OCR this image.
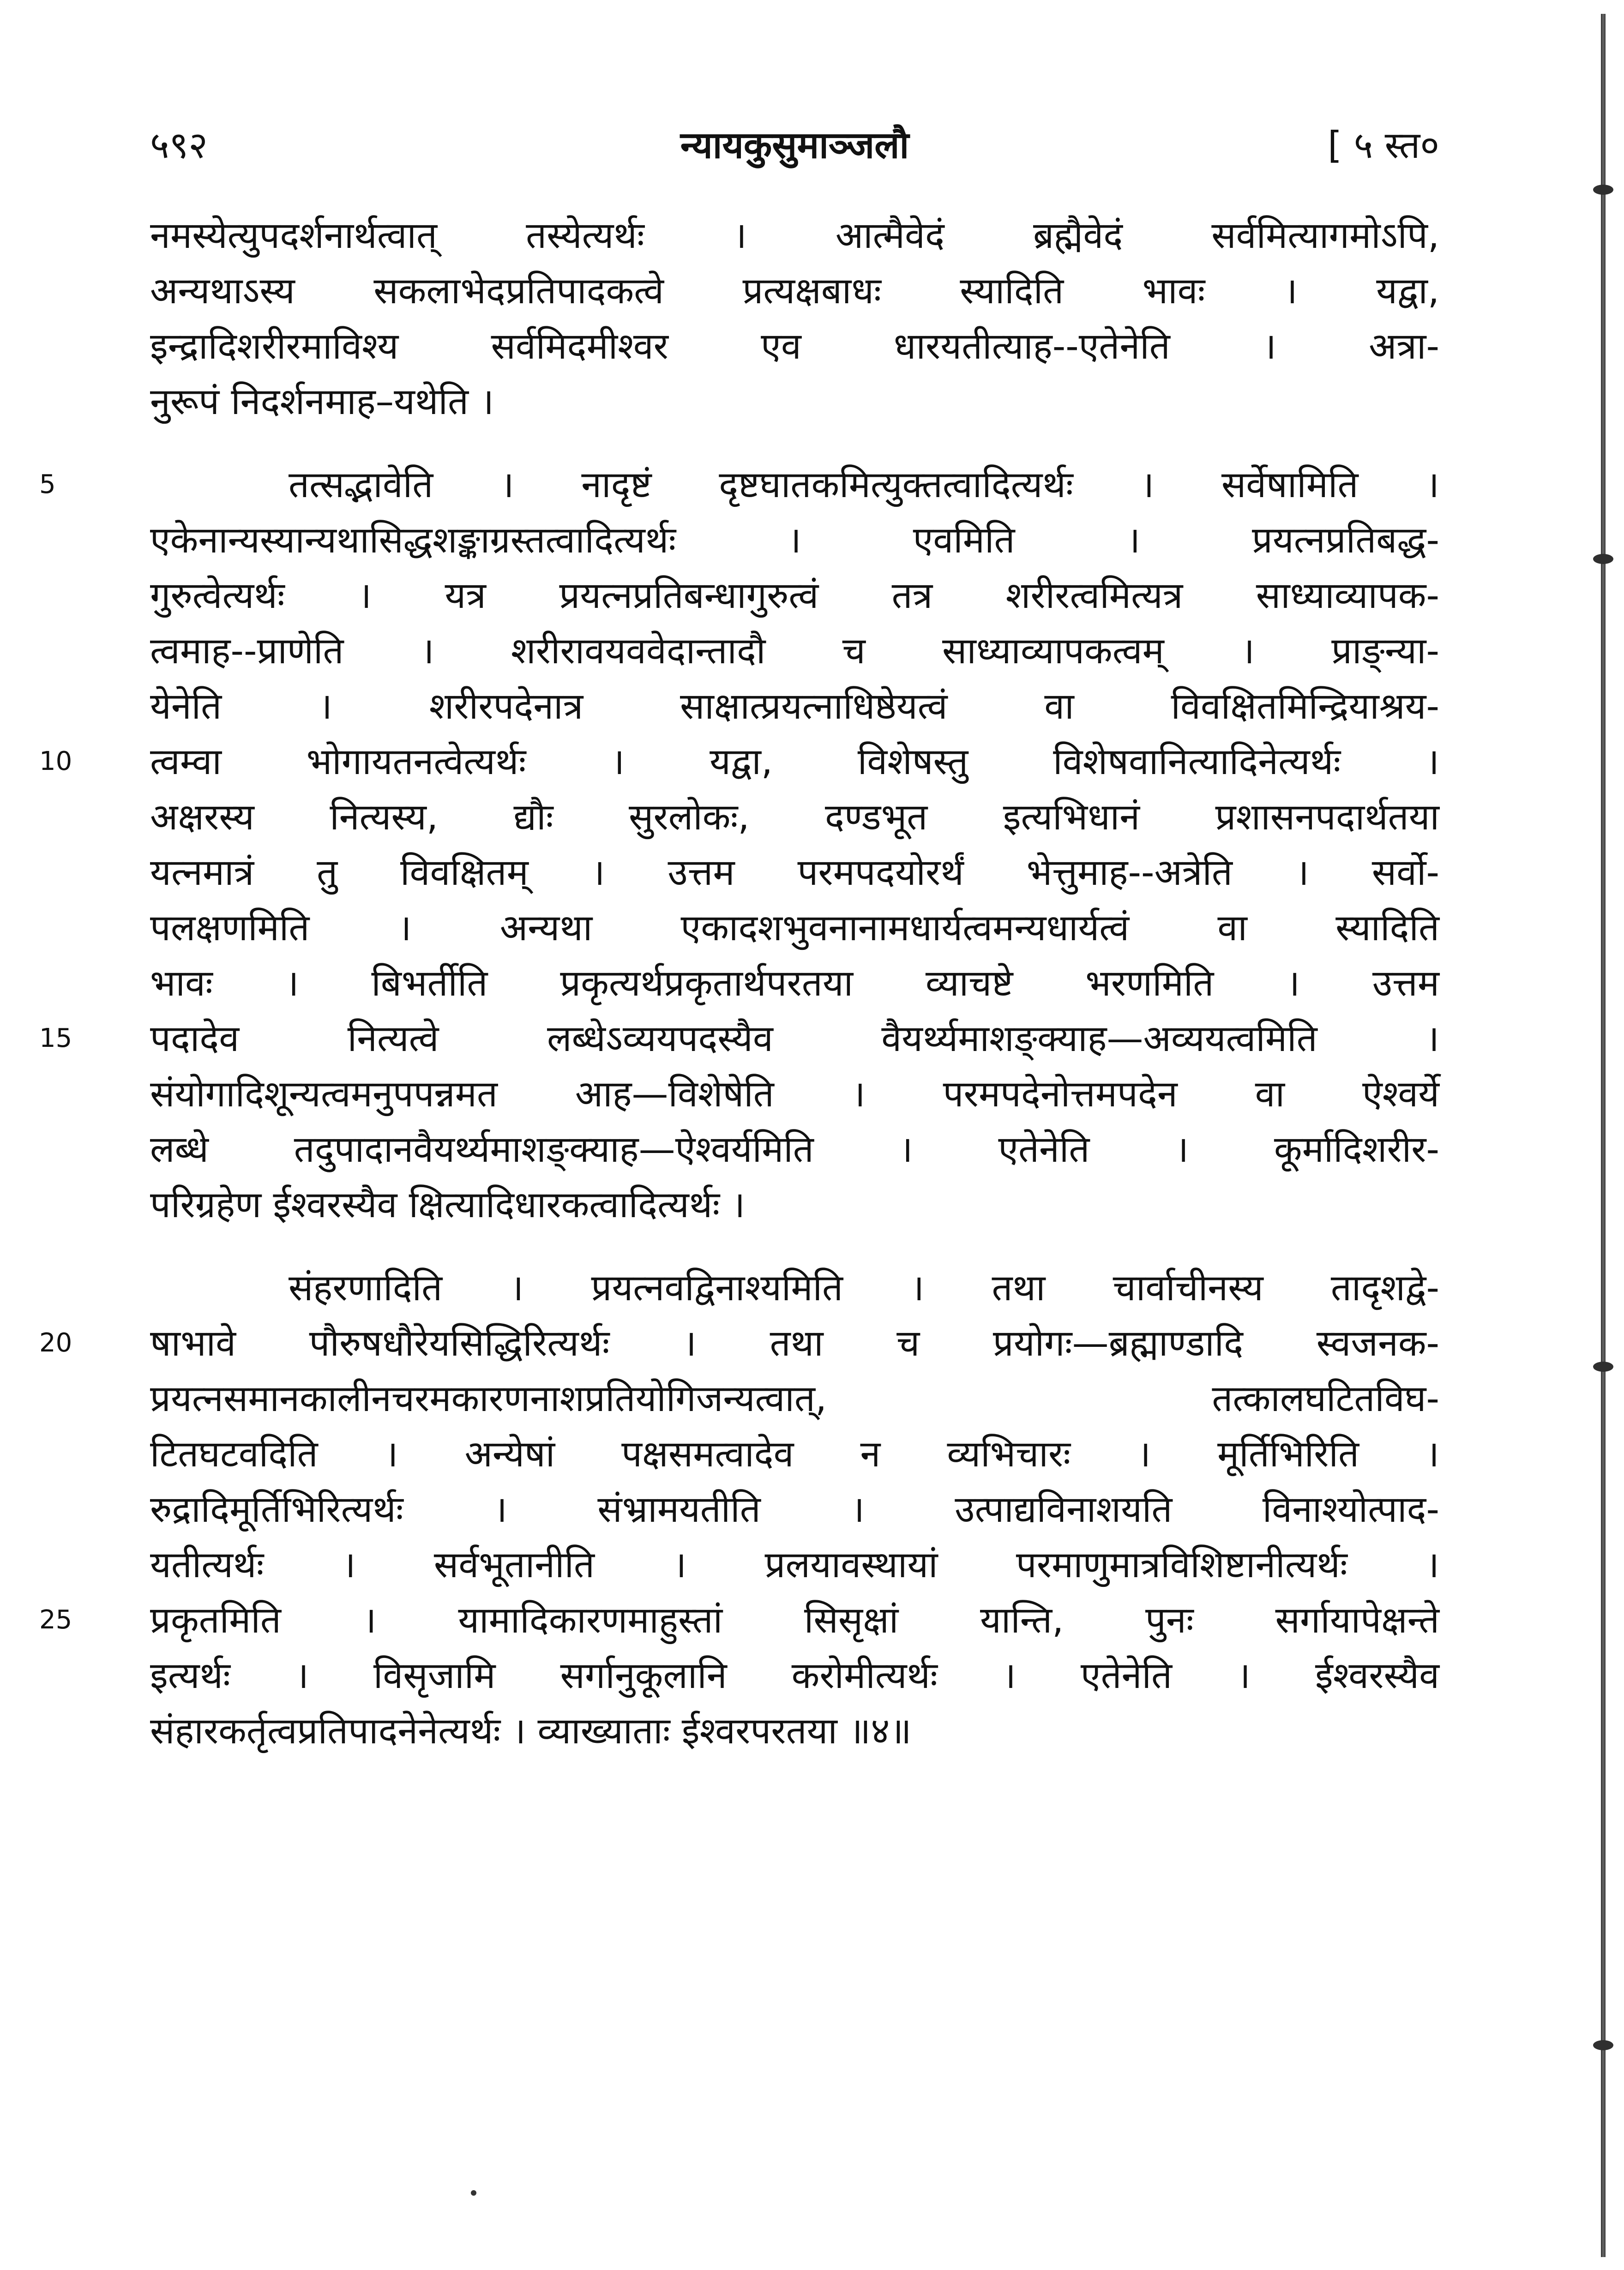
५९२	न्यायकुसुमाञ्जलौ	[ ५ स्त०
नमस्येत्युपदर्शनार्थत्वात् तस्येत्यर्थः । आत्मैवेदं ब्रह्मैवेदं सर्वमित्यागमोऽपि,
अन्यथाऽस्य सकलाभेदप्रतिपादकत्वे प्रत्यक्षबाधः स्यादिति भावः । यद्वा,
इन्द्रादिशरीरमाविश्य सर्वमिदमीश्वर एव धारयतीत्याह--एतेनेति । अत्रा-
नुरूपं निदर्शनमाह–यथेति ।
5	तत्सद्भावेति । नादृष्टं दृष्टघातकमित्युक्तत्वादित्यर्थः । सर्वेषामिति ।
एकेनान्यस्यान्यथासिद्धशङ्काग्रस्तत्वादित्यर्थः । एवमिति । प्रयत्नप्रतिबद्ध-
गुरुत्वेत्यर्थः । यत्र प्रयत्नप्रतिबन्धागुरुत्वं तत्र शरीरत्वमित्यत्र साध्याव्यापक-
त्वमाह--प्राणेति । शरीरावयववेदान्तादौ च साध्याव्यापकत्वम् । प्राङ्न्या-
येनेति । शरीरपदेनात्र साक्षात्प्रयत्नाधिष्ठेयत्वं वा विवक्षितमिन्द्रियाश्रय-
10	त्वम्वा भोगायतनत्वेत्यर्थः । यद्वा, विशेषस्तु विशेषवानित्यादिनेत्यर्थः ।
अक्षरस्य नित्यस्य, द्यौः सुरलोकः, दण्डभूत इत्यभिधानं प्रशासनपदार्थतया
यत्नमात्रं तु विवक्षितम् । उत्तम परमपदयोरर्थं भेत्तुमाह--अत्रेति । सर्वो-
पलक्षणमिति । अन्यथा एकादशभुवनानामधार्यत्वमन्यधार्यत्वं वा स्यादिति
भावः । बिभर्तीति प्रकृत्यर्थप्रकृतार्थपरतया व्याचष्टे भरणमिति । उत्तम
15	पदादेव नित्यत्वे लब्धेऽव्ययपदस्यैव वैयर्थ्यमाशङ्क्याह—अव्ययत्वमिति ।
संयोगादिशून्यत्वमनुपपन्नमत आह—विशेषेति । परमपदेनोत्तमपदेन वा ऐश्वर्ये
लब्धे तदुपादानवैयर्थ्यमाशङ्क्याह—ऐश्वर्यमिति । एतेनेति । कूर्मादिशरीर-
परिग्रहेण ईश्वरस्यैव क्षित्यादिधारकत्वादित्यर्थः ।
संहरणादिति । प्रयत्नवद्विनाश्यमिति । तथा चार्वाचीनस्य तादृशद्वे-
20	षाभावे पौरुषधौरेयसिद्धिरित्यर्थः । तथा च प्रयोगः—ब्रह्माण्डादि स्वजनक-
प्रयत्नसमानकालीनचरमकारणनाशप्रतियोगिजन्यत्वात्, तत्कालघटितविघ-
टितघटवदिति । अन्येषां पक्षसमत्वादेव न व्यभिचारः । मूर्तिभिरिति ।
रुद्रादिमूर्तिभिरित्यर्थः । संभ्रामयतीति । उत्पाद्यविनाशयति विनाश्योत्पाद-
यतीत्यर्थः । सर्वभूतानीति । प्रलयावस्थायां परमाणुमात्रविशिष्टानीत्यर्थः ।
25	प्रकृतमिति । यामादिकारणमाहुस्तां सिसृक्षां यान्ति, पुनः सर्गायापेक्षन्ते
इत्यर्थः । विसृजामि सर्गानुकूलानि करोमीत्यर्थः । एतेनेति । ईश्वरस्यैव
संहारकर्तृत्वप्रतिपादनेनेत्यर्थः । व्याख्याताः ईश्वरपरतया ॥४॥
